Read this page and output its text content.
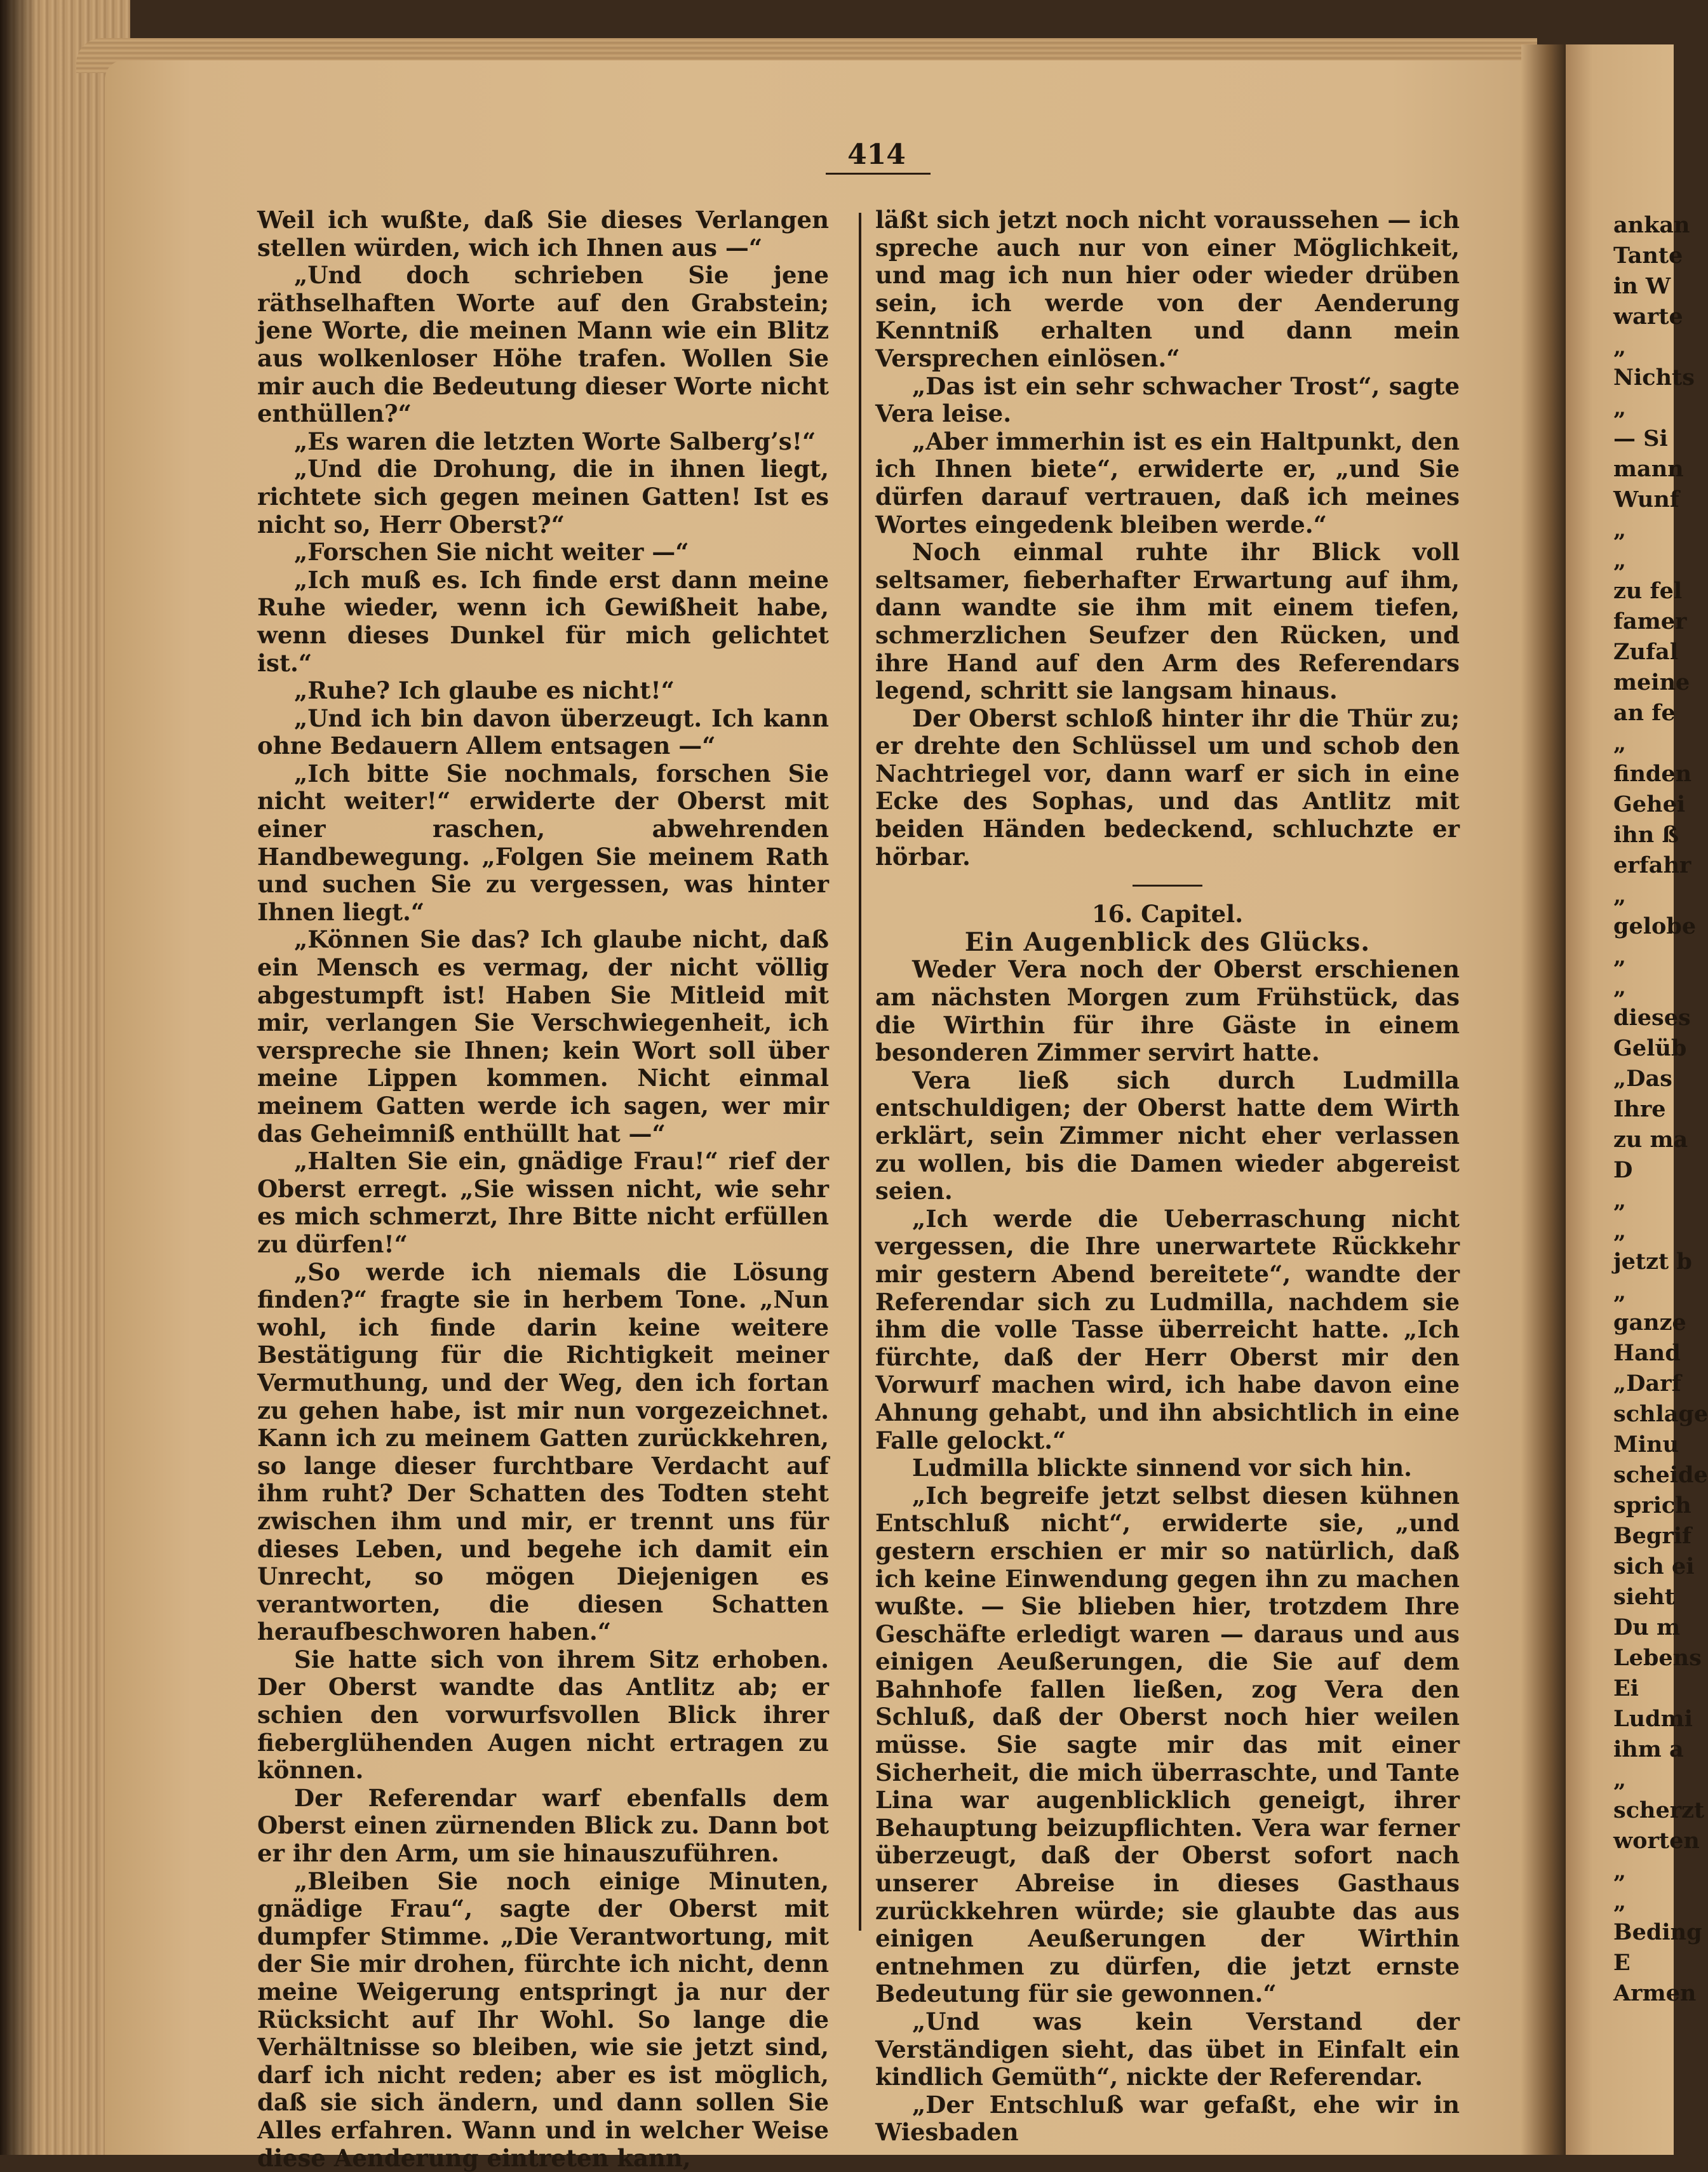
ankan
Tante
in W
warte
„
Nichts
„
— Si
mann
Wunf
„
„
zu fel
famer
Zufal
meine
an fe
„
finden
Gehei
ihn ß
erfahr
„
gelobe
„
„
dieses
Gelüb
„Das
Ihre
zu ma
D
„
„
jetzt b
„
ganze
Hand
„Darf
schlage
Minu
scheide
sprich
Begrif
sich ei
sieht
Du m
Lebens
Ei
Ludmi
ihm a
„
scherzt
worten
„
„
Beding
E
Armen
414

Weil ich wußte, daß Sie dieses Verlangen stellen würden, wich ich Ihnen aus —“

„Und doch schrieben Sie jene räthselhaften Worte auf den Grabstein; jene Worte, die meinen Mann wie ein Blitz aus wolkenloser Höhe trafen. Wollen Sie mir auch die Bedeutung dieser Worte nicht enthüllen?“

„Es waren die letzten Worte Salberg’s!“

„Und die Drohung, die in ihnen liegt, richtete sich gegen meinen Gatten! Ist es nicht so, Herr Oberst?“

„Forschen Sie nicht weiter —“

„Ich muß es. Ich finde erst dann meine Ruhe wieder, wenn ich Gewißheit habe, wenn dieses Dunkel für mich gelichtet ist.“

„Ruhe? Ich glaube es nicht!“

„Und ich bin davon überzeugt. Ich kann ohne Bedauern Allem entsagen —“

„Ich bitte Sie nochmals, forschen Sie nicht weiter!“ erwiderte der Oberst mit einer raschen, abwehrenden Handbewegung. „Folgen Sie meinem Rath und suchen Sie zu vergessen, was hinter Ihnen liegt.“

„Können Sie das? Ich glaube nicht, daß ein Mensch es vermag, der nicht völlig abgestumpft ist! Haben Sie Mitleid mit mir, verlangen Sie Verschwiegenheit, ich verspreche sie Ihnen; kein Wort soll über meine Lippen kommen. Nicht einmal meinem Gatten werde ich sagen, wer mir das Geheimniß enthüllt hat —“

„Halten Sie ein, gnädige Frau!“ rief der Oberst erregt. „Sie wissen nicht, wie sehr es mich schmerzt, Ihre Bitte nicht erfüllen zu dürfen!“

„So werde ich niemals die Lösung finden?“ fragte sie in herbem Tone. „Nun wohl, ich finde darin keine weitere Bestätigung für die Richtigkeit meiner Vermuthung, und der Weg, den ich fortan zu gehen habe, ist mir nun vorgezeichnet. Kann ich zu meinem Gatten zurückkehren, so lange dieser furchtbare Verdacht auf ihm ruht? Der Schatten des Todten steht zwischen ihm und mir, er trennt uns für dieses Leben, und begehe ich damit ein Unrecht, so mögen Diejenigen es verantworten, die diesen Schatten heraufbeschworen haben.“

Sie hatte sich von ihrem Sitz erhoben. Der Oberst wandte das Antlitz ab; er schien den vorwurfsvollen Blick ihrer fieberglühenden Augen nicht ertragen zu können.

Der Referendar warf ebenfalls dem Oberst einen zürnenden Blick zu. Dann bot er ihr den Arm, um sie hinauszuführen.

„Bleiben Sie noch einige Minuten, gnädige Frau“, sagte der Oberst mit dumpfer Stimme. „Die Verantwortung, mit der Sie mir drohen, fürchte ich nicht, denn meine Weigerung entspringt ja nur der Rücksicht auf Ihr Wohl. So lange die Verhältnisse so bleiben, wie sie jetzt sind, darf ich nicht reden; aber es ist möglich, daß sie sich ändern, und dann sollen Sie Alles erfahren. Wann und in welcher Weise diese Aenderung eintreten kann,

läßt sich jetzt noch nicht voraussehen — ich spreche auch nur von einer Möglichkeit, und mag ich nun hier oder wieder drüben sein, ich werde von der Aenderung Kenntniß erhalten und dann mein Versprechen einlösen.“

„Das ist ein sehr schwacher Trost“, sagte Vera leise.

„Aber immerhin ist es ein Haltpunkt, den ich Ihnen biete“, erwiderte er, „und Sie dürfen darauf vertrauen, daß ich meines Wortes eingedenk bleiben werde.“

Noch einmal ruhte ihr Blick voll seltsamer, fieberhafter Erwartung auf ihm, dann wandte sie ihm mit einem tiefen, schmerzlichen Seufzer den Rücken, und ihre Hand auf den Arm des Referendars legend, schritt sie langsam hinaus.

Der Oberst schloß hinter ihr die Thür zu; er drehte den Schlüssel um und schob den Nachtriegel vor, dann warf er sich in eine Ecke des Sophas, und das Antlitz mit beiden Händen bedeckend, schluchzte er hörbar.

16. Capitel.

Ein Augenblick des Glücks.

Weder Vera noch der Oberst erschienen am nächsten Morgen zum Frühstück, das die Wirthin für ihre Gäste in einem besonderen Zimmer servirt hatte.

Vera ließ sich durch Ludmilla entschuldigen; der Oberst hatte dem Wirth erklärt, sein Zimmer nicht eher verlassen zu wollen, bis die Damen wieder abgereist seien.

„Ich werde die Ueberraschung nicht vergessen, die Ihre unerwartete Rückkehr mir gestern Abend bereitete“, wandte der Referendar sich zu Ludmilla, nachdem sie ihm die volle Tasse überreicht hatte. „Ich fürchte, daß der Herr Oberst mir den Vorwurf machen wird, ich habe davon eine Ahnung gehabt, und ihn absichtlich in eine Falle gelockt.“

Ludmilla blickte sinnend vor sich hin.

„Ich begreife jetzt selbst diesen kühnen Entschluß nicht“, erwiderte sie, „und gestern erschien er mir so natürlich, daß ich keine Einwendung gegen ihn zu machen wußte. — Sie blieben hier, trotzdem Ihre Geschäfte erledigt waren — daraus und aus einigen Aeußerungen, die Sie auf dem Bahnhofe fallen ließen, zog Vera den Schluß, daß der Oberst noch hier weilen müsse. Sie sagte mir das mit einer Sicherheit, die mich überraschte, und Tante Lina war augenblicklich geneigt, ihrer Behauptung beizupflichten. Vera war ferner überzeugt, daß der Oberst sofort nach unserer Abreise in dieses Gasthaus zurückkehren würde; sie glaubte das aus einigen Aeußerungen der Wirthin entnehmen zu dürfen, die jetzt ernste Bedeutung für sie gewonnen.“

„Und was kein Verstand der Verständigen sieht, das übet in Einfalt ein kindlich Gemüth“, nickte der Referendar.

„Der Entschluß war gefaßt, ehe wir in Wiesbaden
